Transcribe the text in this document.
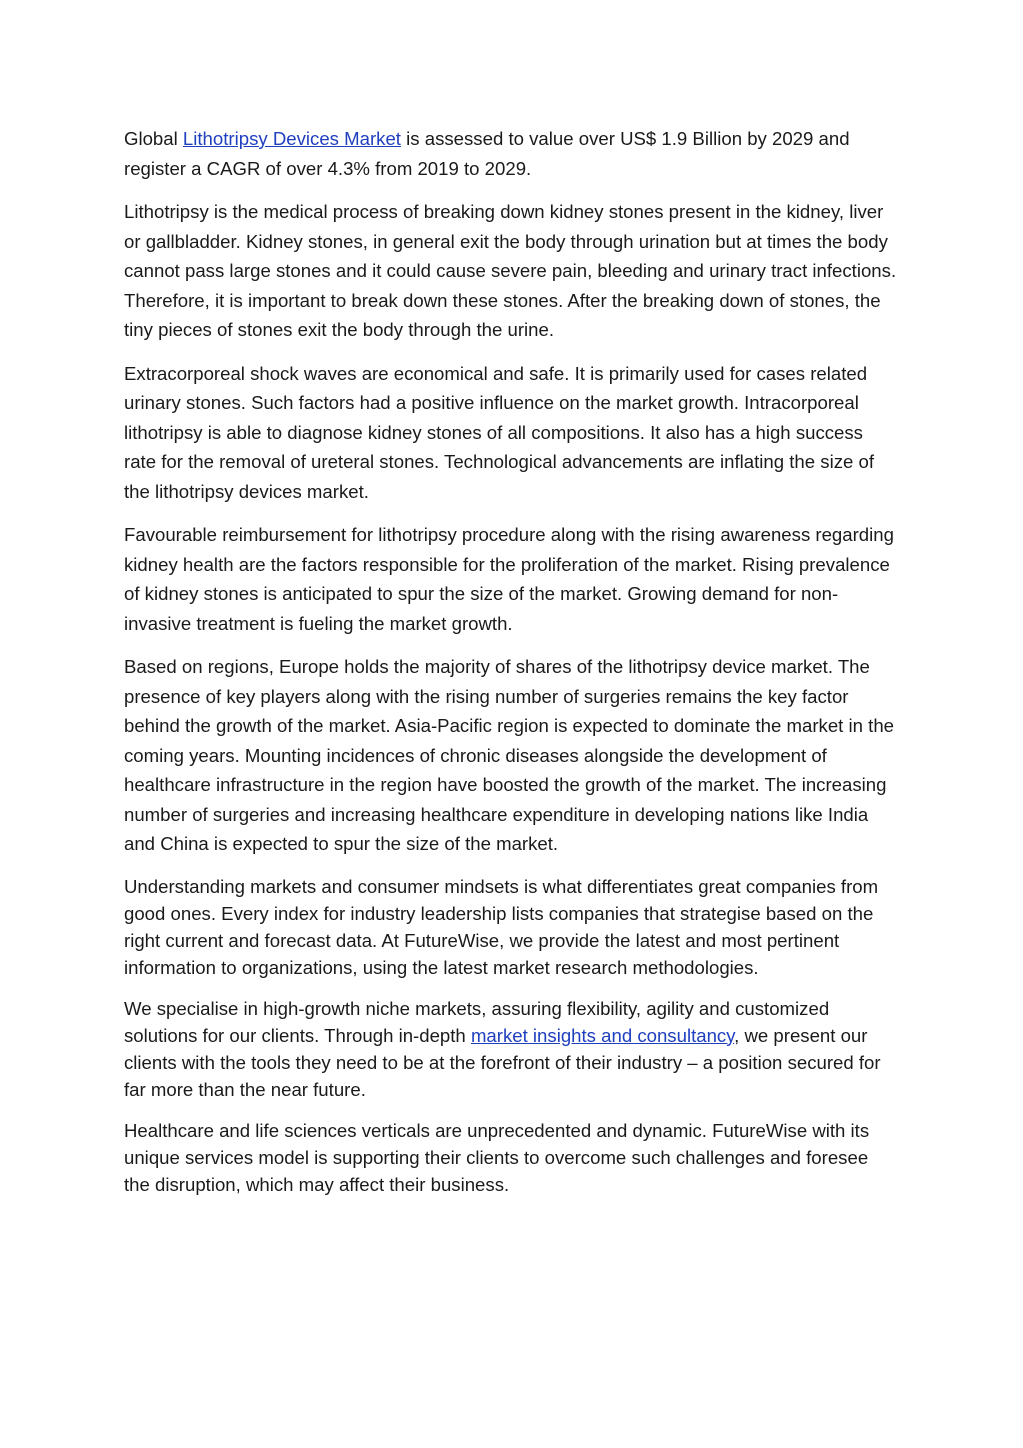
Global Lithotripsy Devices Market is assessed to value over US$ 1.9 Billion by 2029 and register a CAGR of over 4.3% from 2019 to 2029.

Lithotripsy is the medical process of breaking down kidney stones present in the kidney, liver or gallbladder. Kidney stones, in general exit the body through urination but at times the body cannot pass large stones and it could cause severe pain, bleeding and urinary tract infections. Therefore, it is important to break down these stones. After the breaking down of stones, the tiny pieces of stones exit the body through the urine.

Extracorporeal shock waves are economical and safe. It is primarily used for cases related urinary stones. Such factors had a positive influence on the market growth. Intracorporeal lithotripsy is able to diagnose kidney stones of all compositions. It also has a high success rate for the removal of ureteral stones. Technological advancements are inflating the size of the lithotripsy devices market.

Favourable reimbursement for lithotripsy procedure along with the rising awareness regarding kidney health are the factors responsible for the proliferation of the market. Rising prevalence of kidney stones is anticipated to spur the size of the market. Growing demand for non-invasive treatment is fueling the market growth.

Based on regions, Europe holds the majority of shares of the lithotripsy device market. The presence of key players along with the rising number of surgeries remains the key factor behind the growth of the market. Asia-Pacific region is expected to dominate the market in the coming years. Mounting incidences of chronic diseases alongside the development of healthcare infrastructure in the region have boosted the growth of the market. The increasing number of surgeries and increasing healthcare expenditure in developing nations like India and China is expected to spur the size of the market.

Understanding markets and consumer mindsets is what differentiates great companies from good ones. Every index for industry leadership lists companies that strategise based on the right current and forecast data. At FutureWise, we provide the latest and most pertinent information to organizations, using the latest market research methodologies.

We specialise in high-growth niche markets, assuring flexibility, agility and customized solutions for our clients. Through in-depth market insights and consultancy, we present our clients with the tools they need to be at the forefront of their industry – a position secured for far more than the near future.

Healthcare and life sciences verticals are unprecedented and dynamic. FutureWise with its unique services model is supporting their clients to overcome such challenges and foresee the disruption, which may affect their business.
